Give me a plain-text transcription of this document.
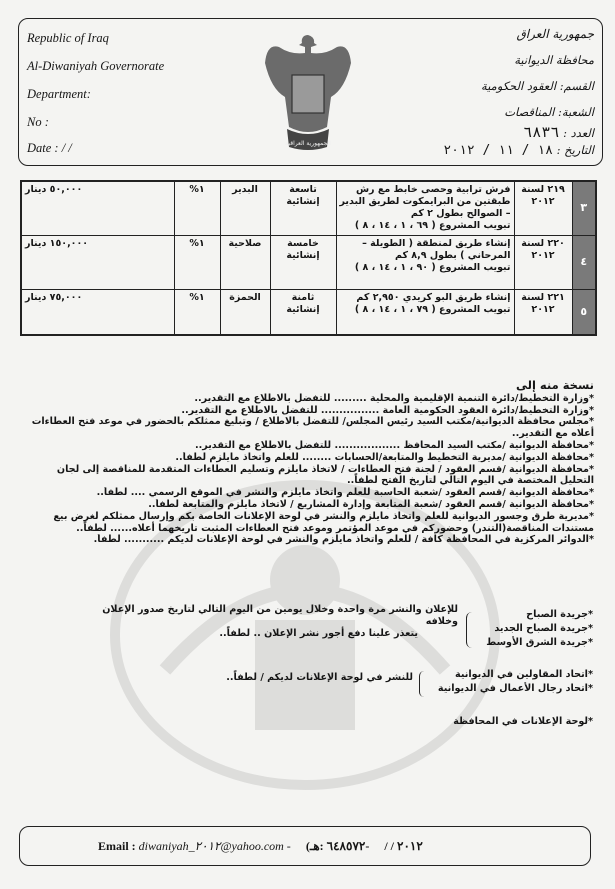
Republic of Iraq
Al-Diwaniyah Governorate
Department:
No :
Date : / /	الجمهورية العراقية
جمهورية العراق
محافظة الديوانية
القسم: العقود الحكومية
الشعبة: المناقصات
العدد : ٦٨٣٦
التاريخ : ١٨ / ١١ / ٢٠١٢
٣	٢١٩ لسنة ٢٠١٢	فرش ترابية وحصى خابط مع رش طبقتين من البرايمكوت لطريق البدير – الصوالح بطول ٢ كم
تبويب المشروع ( ٦٩ ، ١ ، ١٤ ، ٨ )	تاسعة إنشائية	البدير	١%	٥٠,٠٠٠ دينار
٤	٢٢٠ لسنة ٢٠١٢	إنشاء طريق لمنطقة ( الطويلة –المرحاني ) بطول ٨,٩ كم
تبويب المشروع ( ٩٠ ، ١ ، ١٤ ، ٨ )	خامسة إنشائية	صلاحية	١%	١٥٠,٠٠٠ دينار
٥	٢٢١ لسنة ٢٠١٢	إنشاء طريق البو كريدي ٢,٩٥٠ كم
تبويب المشروع ( ٧٩ ، ١ ، ١٤ ، ٨ )	ثامنة إنشائية	الحمزة	١%	٧٥,٠٠٠ دينار
نسخة منه إلى
*وزارة التخطيط/دائرة التنمية الإقليمية والمحلية ......... للتفضل بالاطلاع مع التقدير..
*وزارة التخطيط/دائرة العقود الحكومية العامة ................ للتفضل بالاطلاع مع التقدير..
*مجلس محافظة الديوانية/مكتب السيد رئيس المجلس/ للتفضل بالاطلاع / وتبليغ ممثلكم بالحضور في موعد فتح العطاءات أعلاه مع التقدير..
*محافظة الديوانية /مكتب السيد المحافظ .................. للتفضل بالاطلاع مع التقدير..
*محافظة الديوانية /مديرية التخطيط والمتابعة/الحسابات ........ للعلم واتخاذ مايلزم لطفاً..
*محافظة الديوانية /قسم العقود / لجنة فتح العطاءات / لاتخاذ مايلزم وتسليم العطاءات المتقدمة للمناقصة إلى لجان التحليل المختصة في اليوم التالي لتاريخ الفتح لطفاً..
*محافظة الديوانية /قسم العقود /شعبة الحاسبة للعلم واتخاذ مايلزم والنشر في الموقع الرسمي .... لطفاً..
*محافظة الديوانية /قسم العقود /شعبة المتابعة وإدارة المشاريع / لاتخاذ مايلزم والمتابعة لطفاً..
*مديرية طرق وجسور الديوانية للعلم واتخاذ مايلزم والنشر في لوحة الإعلانات الخاصة بكم وإرسال ممثلكم لغرض بيع مستندات المناقصة(التندر) وحضوركم في موعد المؤتمر وموعد فتح العطاءات المثبت تاريخهما أعلاه...... لطفاً..
*الدوائر المركزية في المحافظة كافة / للعلم واتخاذ مايلزم والنشر في لوحة الإعلانات لديكم ........... لطفاً.
*جريدة الصباح
*جريدة الصباح الجديد
*جريدة الشرق الأوسط
للإعلان والنشر مرة واحدة وخلال يومين من اليوم التالي لتاريخ صدور الإعلان وخلافه
يتعذر علينا دفع أجور نشر الإعلان .. لطفاً..
*اتحاد المقاولين في الديوانية
*اتحاد رجال الأعمال في الديوانية
للنشر في لوحة الإعلانات لديكم / لطفاً..
*لوحة الإعلانات في المحافظة
Email : diwaniyah_٢٠١٢@yahoo.com - (٢٠١٢ / /     -٦٤٨٥٧٢ :هـ
